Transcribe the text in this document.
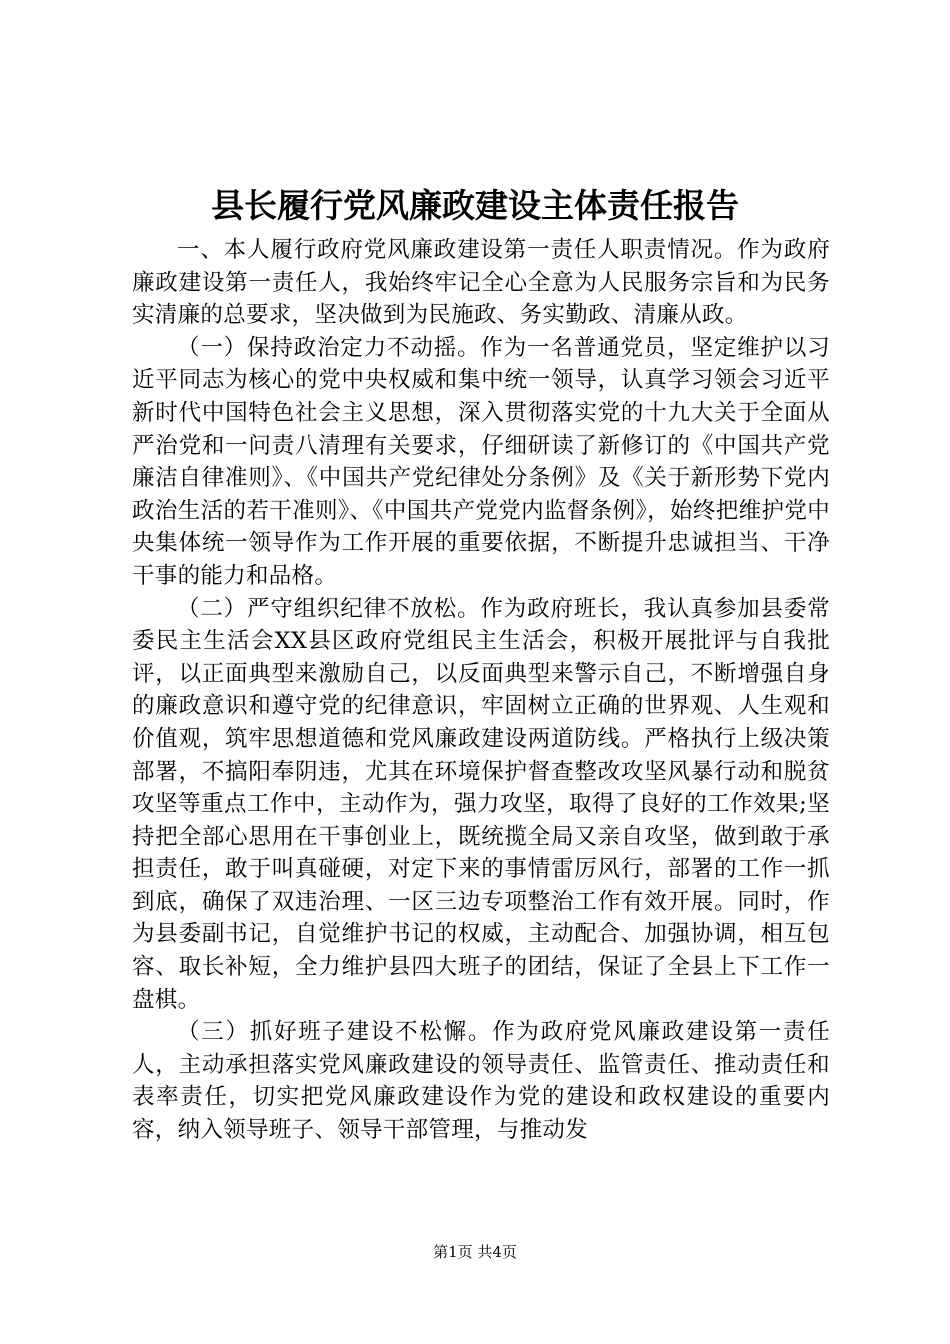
县长履行党风廉政建设主体责任报告

一、本人履行政府党风廉政建设第一责任人职责情况。作为政府廉政建设第一责任人，我始终牢记全心全意为人民服务宗旨和为民务实清廉的总要求，坚决做到为民施政、务实勤政、清廉从政。

（一）保持政治定力不动摇。作为一名普通党员，坚定维护以习近平同志为核心的党中央权威和集中统一领导，认真学习领会习近平新时代中国特色社会主义思想，深入贯彻落实党的十九大关于全面从严治党和一问责八清理有关要求，仔细研读了新修订的《中国共产党廉洁自律准则》、《中国共产党纪律处分条例》及《关于新形势下党内政治生活的若干准则》、《中国共产党党内监督条例》，始终把维护党中央集体统一领导作为工作开展的重要依据，不断提升忠诚担当、干净干事的能力和品格。

（二）严守组织纪律不放松。作为政府班长，我认真参加县委常委民主生活会XX县区政府党组民主生活会，积极开展批评与自我批评，以正面典型来激励自己，以反面典型来警示自己，不断增强自身的廉政意识和遵守党的纪律意识，牢固树立正确的世界观、人生观和价值观，筑牢思想道德和党风廉政建设两道防线。严格执行上级决策部署，不搞阳奉阴违，尤其在环境保护督查整改攻坚风暴行动和脱贫攻坚等重点工作中，主动作为，强力攻坚，取得了良好的工作效果;坚持把全部心思用在干事创业上，既统揽全局又亲自攻坚，做到敢于承担责任，敢于叫真碰硬，对定下来的事情雷厉风行，部署的工作一抓到底，确保了双违治理、一区三边专项整治工作有效开展。同时，作为县委副书记，自觉维护书记的权威，主动配合、加强协调，相互包容、取长补短，全力维护县四大班子的团结，保证了全县上下工作一盘棋。

（三）抓好班子建设不松懈。作为政府党风廉政建设第一责任人，主动承担落实党风廉政建设的领导责任、监管责任、推动责任和表率责任，切实把党风廉政建设作为党的建设和政权建设的重要内容，纳入领导班子、领导干部管理，与推动发

第1页 共4页
